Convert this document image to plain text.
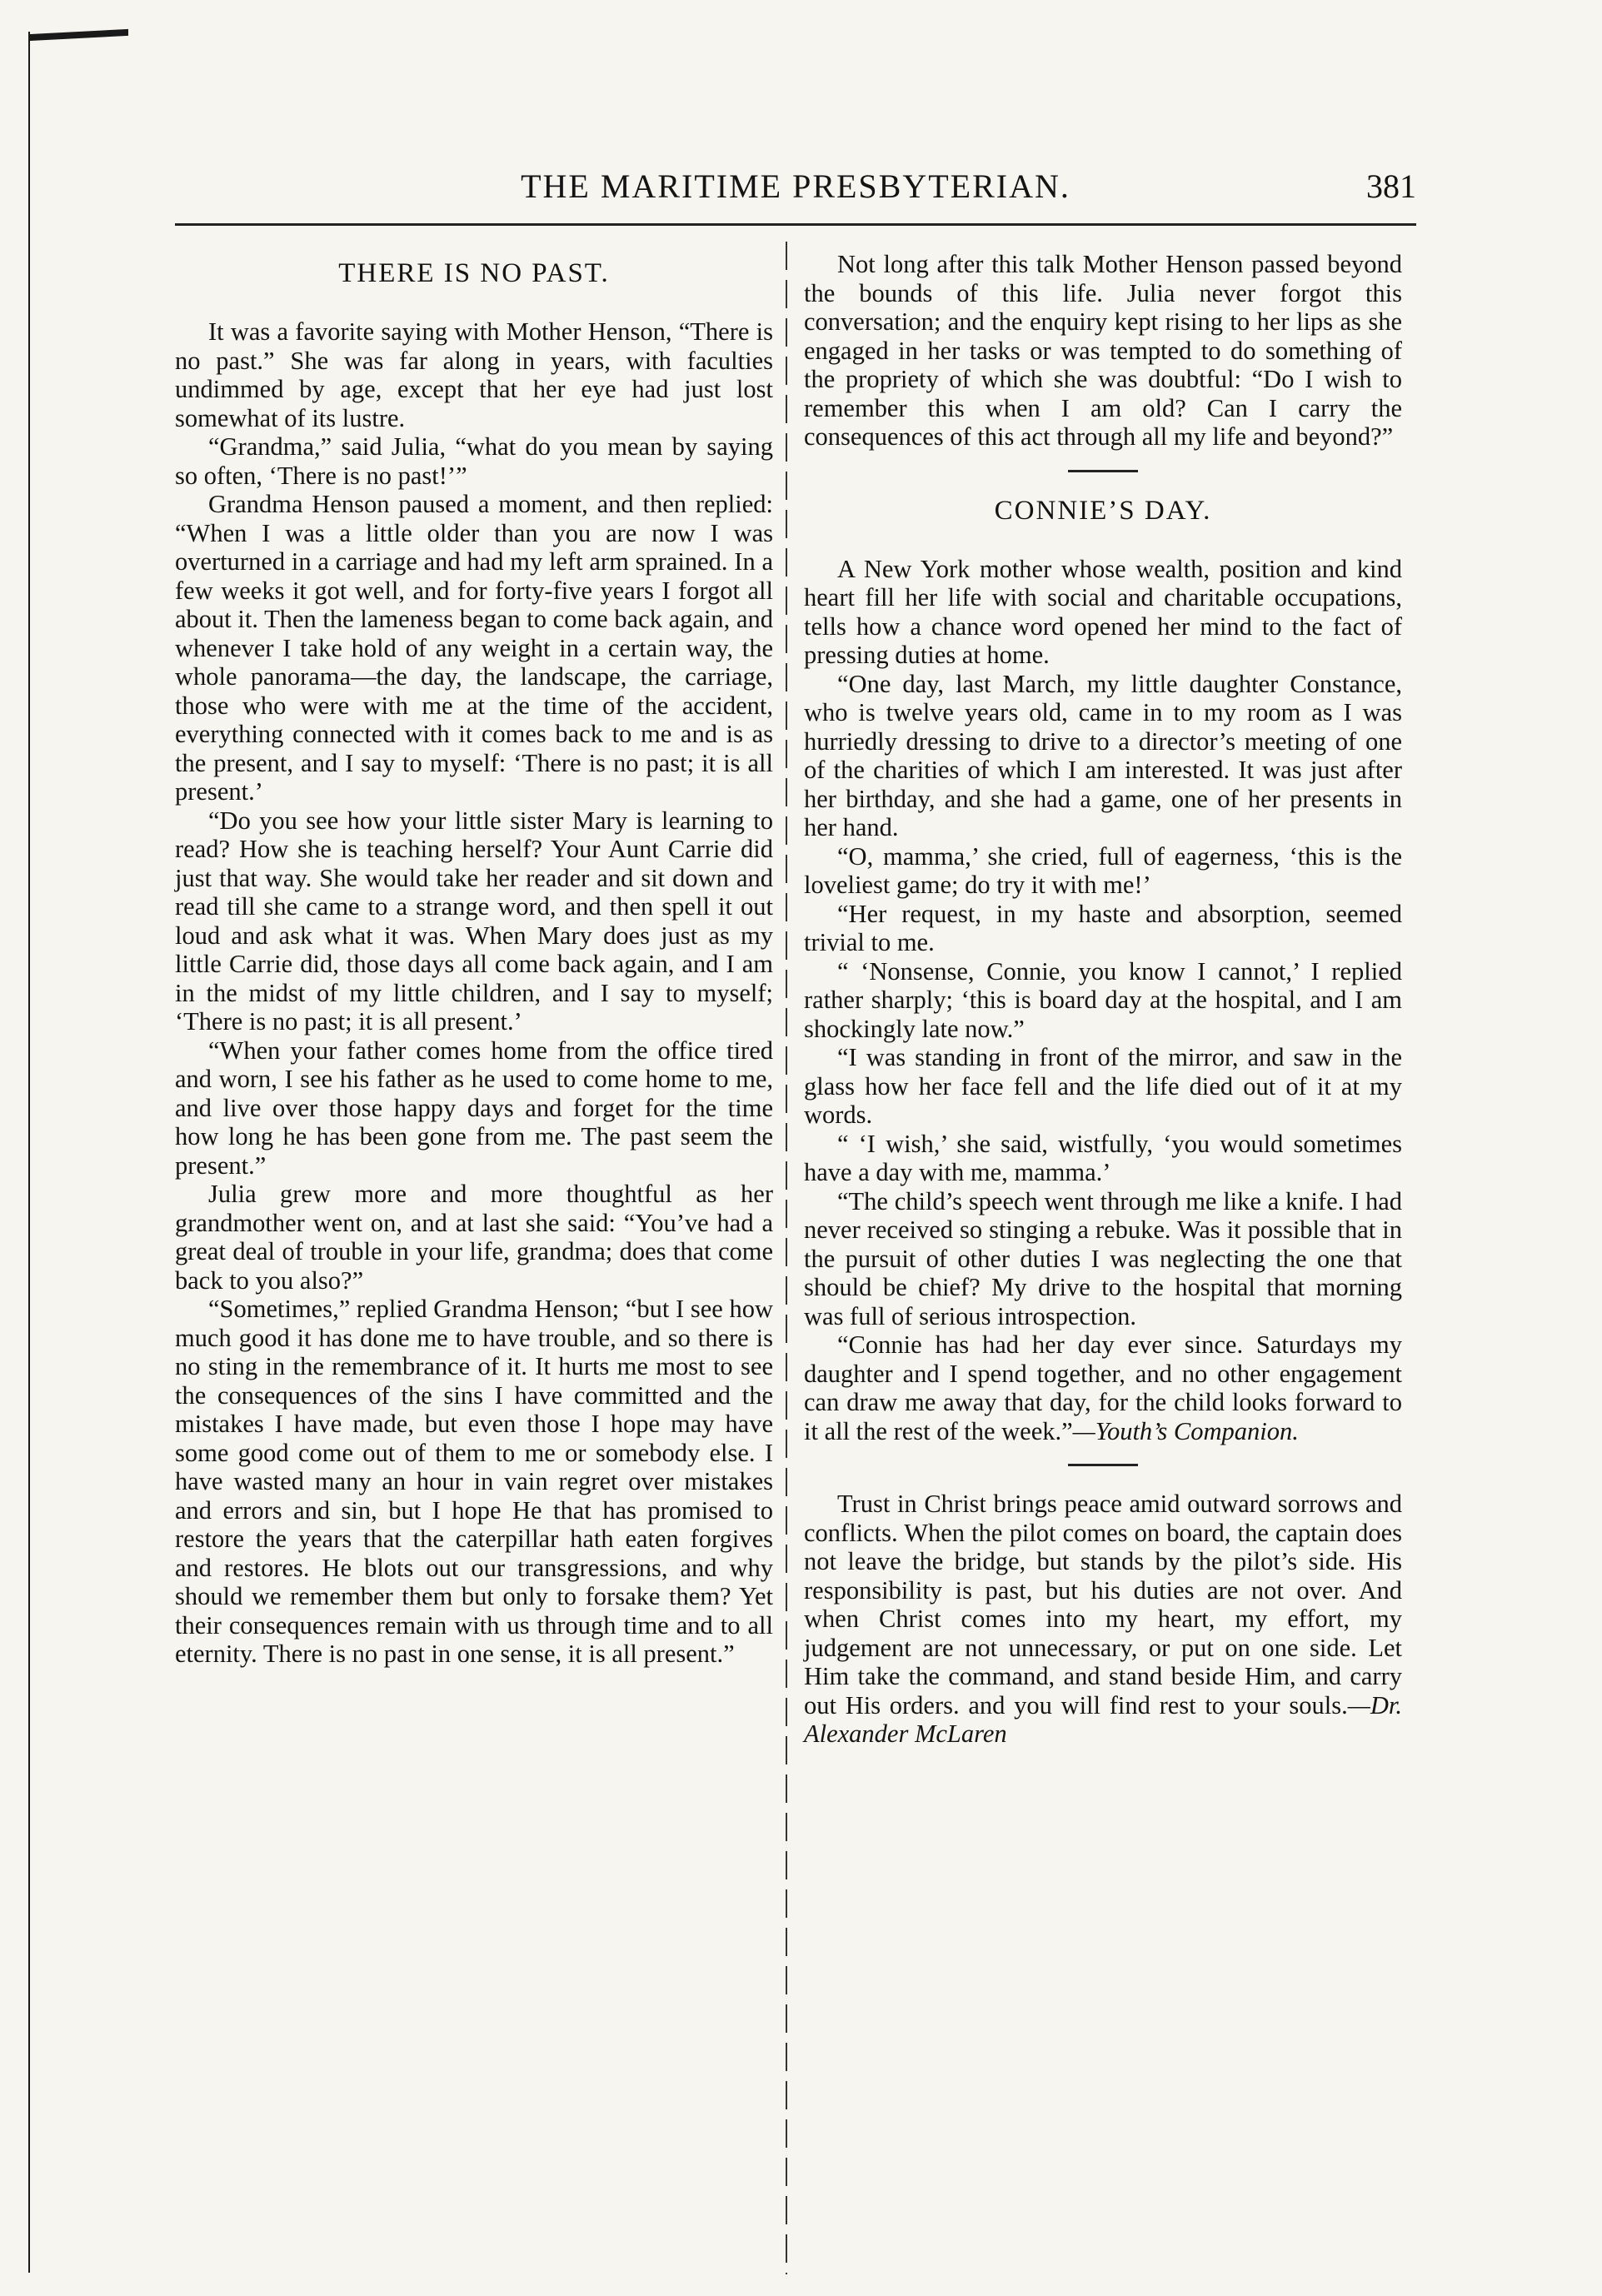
THE MARITIME PRESBYTERIAN.	381
THERE IS NO PAST.

It was a favorite saying with Mother Henson, “There is no past.” She was far along in years, with faculties undimmed by age, except that her eye had just lost somewhat of its lustre.

“Grandma,” said Julia, “what do you mean by saying so often, ‘There is no past!’”

Grandma Henson paused a moment, and then replied: “When I was a little older than you are now I was overturned in a carriage and had my left arm sprained. In a few weeks it got well, and for forty-five years I forgot all about it. Then the lameness began to come back again, and whenever I take hold of any weight in a certain way, the whole panorama—the day, the landscape, the carriage, those who were with me at the time of the accident, everything connected with it comes back to me and is as the present, and I say to myself: ‘There is no past; it is all present.’

“Do you see how your little sister Mary is learning to read? How she is teaching herself? Your Aunt Carrie did just that way. She would take her reader and sit down and read till she came to a strange word, and then spell it out loud and ask what it was. When Mary does just as my little Carrie did, those days all come back again, and I am in the midst of my little children, and I say to myself; ‘There is no past; it is all present.’

“When your father comes home from the office tired and worn, I see his father as he used to come home to me, and live over those happy days and forget for the time how long he has been gone from me. The past seem the present.”

Julia grew more and more thoughtful as her grandmother went on, and at last she said: “You’ve had a great deal of trouble in your life, grandma; does that come back to you also?”

“Sometimes,” replied Grandma Henson; “but I see how much good it has done me to have trouble, and so there is no sting in the remembrance of it. It hurts me most to see the consequences of the sins I have committed and the mistakes I have made, but even those I hope may have some good come out of them to me or somebody else. I have wasted many an hour in vain regret over mistakes and errors and sin, but I hope He that has promised to restore the years that the caterpillar hath eaten forgives and restores. He blots out our transgressions, and why should we remember them but only to forsake them? Yet their consequences remain with us through time and to all eternity. There is no past in one sense, it is all present.”

Not long after this talk Mother Henson passed beyond the bounds of this life. Julia never forgot this conversation; and the enquiry kept rising to her lips as she engaged in her tasks or was tempted to do something of the propriety of which she was doubtful: “Do I wish to remember this when I am old? Can I carry the consequences of this act through all my life and beyond?”

CONNIE’S DAY.

A New York mother whose wealth, position and kind heart fill her life with social and charitable occupations, tells how a chance word opened her mind to the fact of pressing duties at home.

“One day, last March, my little daughter Constance, who is twelve years old, came in to my room as I was hurriedly dressing to drive to a director’s meeting of one of the charities of which I am interested. It was just after her birthday, and she had a game, one of her presents in her hand.

“O, mamma,’ she cried, full of eagerness, ‘this is the loveliest game; do try it with me!’

“Her request, in my haste and absorption, seemed trivial to me.

“ ‘Nonsense, Connie, you know I cannot,’ I replied rather sharply; ‘this is board day at the hospital, and I am shockingly late now.”

“I was standing in front of the mirror, and saw in the glass how her face fell and the life died out of it at my words.

“ ‘I wish,’ she said, wistfully, ‘you would sometimes have a day with me, mamma.’

“The child’s speech went through me like a knife. I had never received so stinging a rebuke. Was it possible that in the pursuit of other duties I was neglecting the one that should be chief? My drive to the hospital that morning was full of serious introspection.

“Connie has had her day ever since. Saturdays my daughter and I spend together, and no other engagement can draw me away that day, for the child looks forward to it all the rest of the week.”—Youth’s Companion.

Trust in Christ brings peace amid outward sorrows and conflicts. When the pilot comes on board, the captain does not leave the bridge, but stands by the pilot’s side. His responsibility is past, but his duties are not over. And when Christ comes into my heart, my effort, my judgement are not unnecessary, or put on one side. Let Him take the command, and stand beside Him, and carry out His orders. and you will find rest to your souls.—Dr. Alexander McLaren
